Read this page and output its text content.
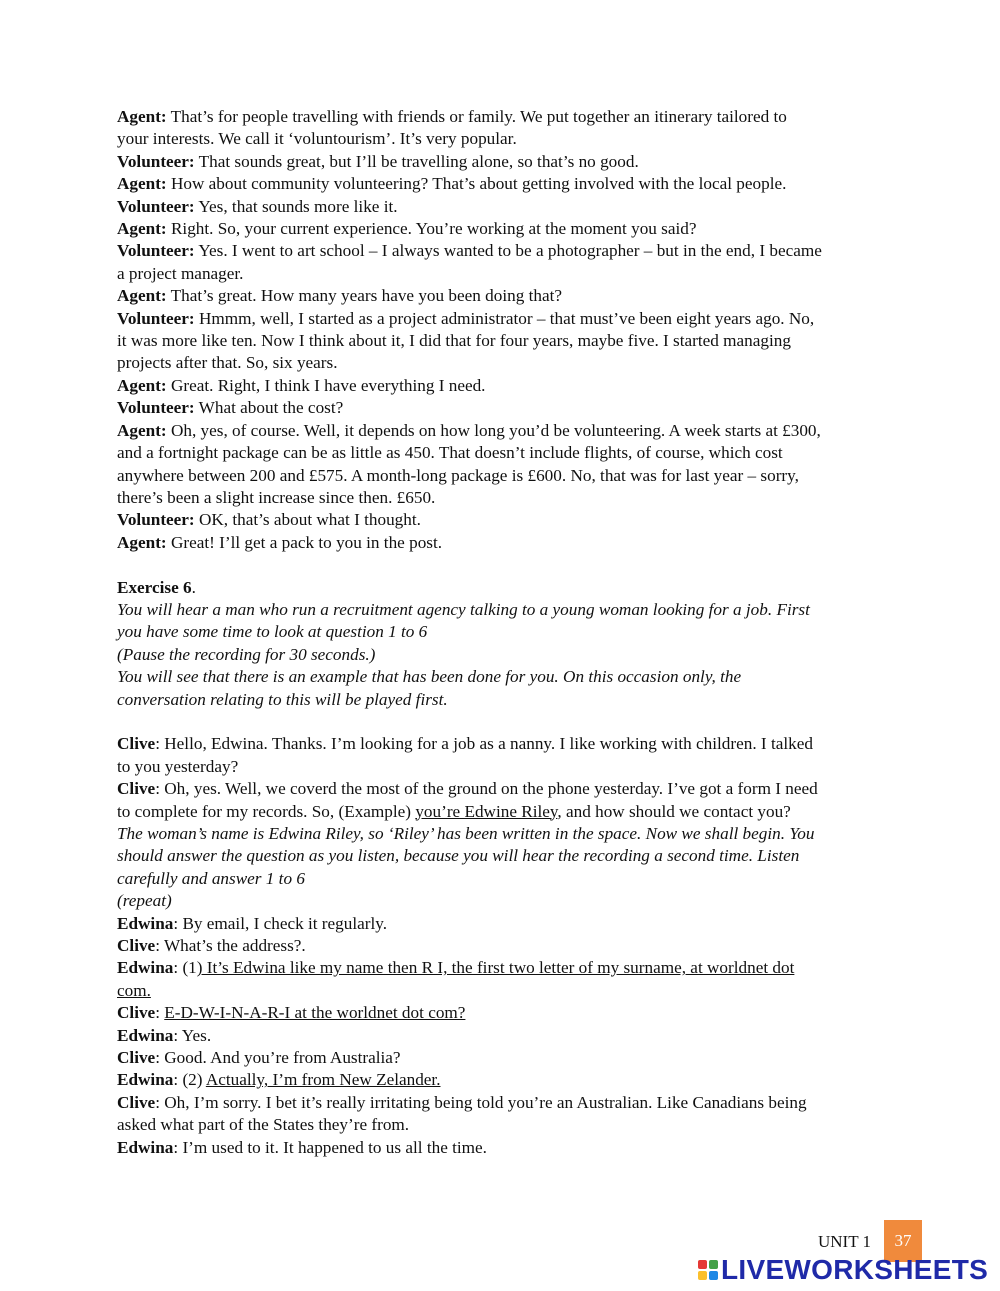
Agent: That’s for people travelling with friends or family. We put together an itinerary tailored to

your interests. We call it ‘voluntourism’. It’s very popular.

Volunteer: That sounds great, but I’ll be travelling alone, so that’s no good.

Agent: How about community volunteering? That’s about getting involved with the local people.

Volunteer: Yes, that sounds more like it.

Agent: Right. So, your current experience. You’re working at the moment you said?

Volunteer: Yes. I went to art school – I always wanted to be a photographer – but in the end, I became

a project manager.

Agent: That’s great. How many years have you been doing that?

Volunteer: Hmmm, well, I started as a project administrator – that must’ve been eight years ago. No,

it was more like ten. Now I think about it, I did that for four years, maybe five. I started managing

projects after that. So, six years.

Agent: Great. Right, I think I have everything I need.

Volunteer: What about the cost?

Agent: Oh, yes, of course. Well, it depends on how long you’d be volunteering. A week starts at £300,

and a fortnight package can be as little as 450. That doesn’t include flights, of course, which cost

anywhere between 200 and £575. A month-long package is £600. No, that was for last year – sorry,

there’s been a slight increase since then. £650.

Volunteer: OK, that’s about what I thought.

Agent: Great! I’ll get a pack to you in the post.

Exercise 6.

You will hear a man who run a recruitment agency talking to a young woman looking for a job. First

you have some time to look at question 1 to 6

(Pause the recording for 30 seconds.)

You will see that there is an example that has been done for you. On this occasion only, the

conversation relating to this will be played first.

Clive: Hello, Edwina. Thanks. I’m looking for a job as a nanny. I like working with children. I talked

to you yesterday?

Clive: Oh, yes. Well, we coverd the most of the ground on the phone yesterday. I’ve got a form I need

to complete for my records. So, (Example) you’re Edwine Riley, and how should we contact you?

The woman’s name is Edwina Riley, so ‘Riley’ has been written in the space. Now we shall begin. You

should answer the question as you listen, because you will hear the recording a second time. Listen

carefully and answer 1 to 6

(repeat)

Edwina: By email, I check it regularly.

Clive: What’s the address?.

Edwina: (1) It’s Edwina like my name then R I, the first two letter of my surname, at worldnet dot

com.

Clive: E-D-W-I-N-A-R-I at the worldnet dot com?

Edwina: Yes.

Clive: Good. And you’re from Australia?

Edwina: (2) Actually, I’m from New Zelander.

Clive: Oh, I’m sorry. I bet it’s really irritating being told you’re an Australian. Like Canadians being

asked what part of the States they’re from.

Edwina: I’m used to it. It happened to us all the time.

UNIT 1	37
LIVEWORKSHEETS
